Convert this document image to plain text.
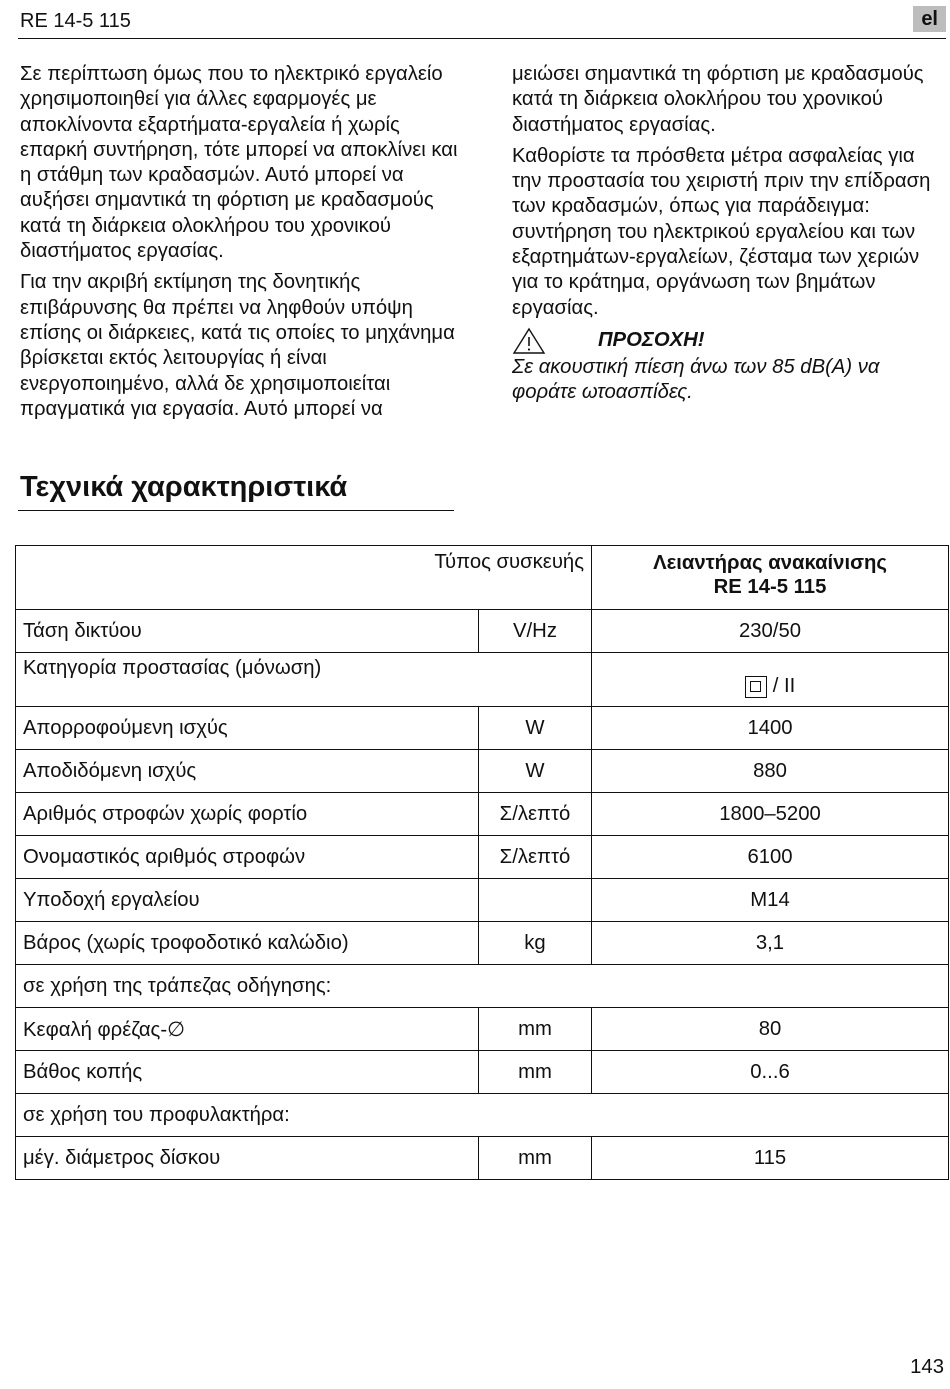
RE 14-5 115	el

Σε περίπτωση όμως που το ηλεκτρικό εργαλείο χρησιμοποιηθεί για άλλες εφαρμογές με αποκλίνοντα εξαρτήματα-εργαλεία ή χωρίς επαρκή συντήρηση, τότε μπορεί να αποκλίνει και η στάθμη των κραδασμών. Αυτό μπορεί να αυξήσει σημαντικά τη φόρτιση με κραδασμούς κατά τη διάρκεια ολοκλήρου του χρονικού διαστήματος εργασίας.

Για την ακριβή εκτίμηση της δονητικής επιβάρυνσης θα πρέπει να ληφθούν υπόψη επίσης οι διάρκειες, κατά τις οποίες το μηχάνημα βρίσκεται εκτός λειτουργίας ή είναι ενεργοποιημένο, αλλά δε χρησιμοποιείται πραγματικά για εργασία. Αυτό μπορεί να

μειώσει σημαντικά τη φόρτιση με κραδασμούς κατά τη διάρκεια ολοκλήρου του χρονικού διαστήματος εργασίας.

Καθορίστε τα πρόσθετα μέτρα ασφαλείας για την προστασία του χειριστή πριν την επίδραση των κραδασμών, όπως για παράδειγμα: συντήρηση του ηλεκτρικού εργαλείου και των εξαρτημάτων-εργαλείων, ζέσταμα των χεριών για το κράτημα, οργάνωση των βημάτων εργασίας.

ΠΡΟΣΟΧΗ!
Σε ακουστική πίεση άνω των 85 dB(A) να φοράτε ωτοασπίδες.
Τεχνικά χαρακτηριστικά
Τύπος συσκευής		Λειαντήρας ανακαίνισης
RE 14-5 115

Τάση δικτύου	V/Hz	230/50
Κατηγορία προστασίας (μόνωση)		/ II
Απορροφούμενη ισχύς	W	1400
Αποδιδόμενη ισχύς	W	880
Αριθμός στροφών χωρίς φορτίο	Σ/λεπτό	1800–5200
Ονομαστικός αριθμός στροφών	Σ/λεπτό	6100
Υποδοχή εργαλείου		M14
Βάρος (χωρίς τροφοδοτικό καλώδιο)	kg	3,1
σε χρήση της τράπεζας οδήγησης:		
Κεφαλή φρέζας-∅	mm	80
Βάθος κοπής	mm	0...6
σε χρήση του προφυλακτήρα:		
μέγ. διάμετρος δίσκου	mm	115
143
